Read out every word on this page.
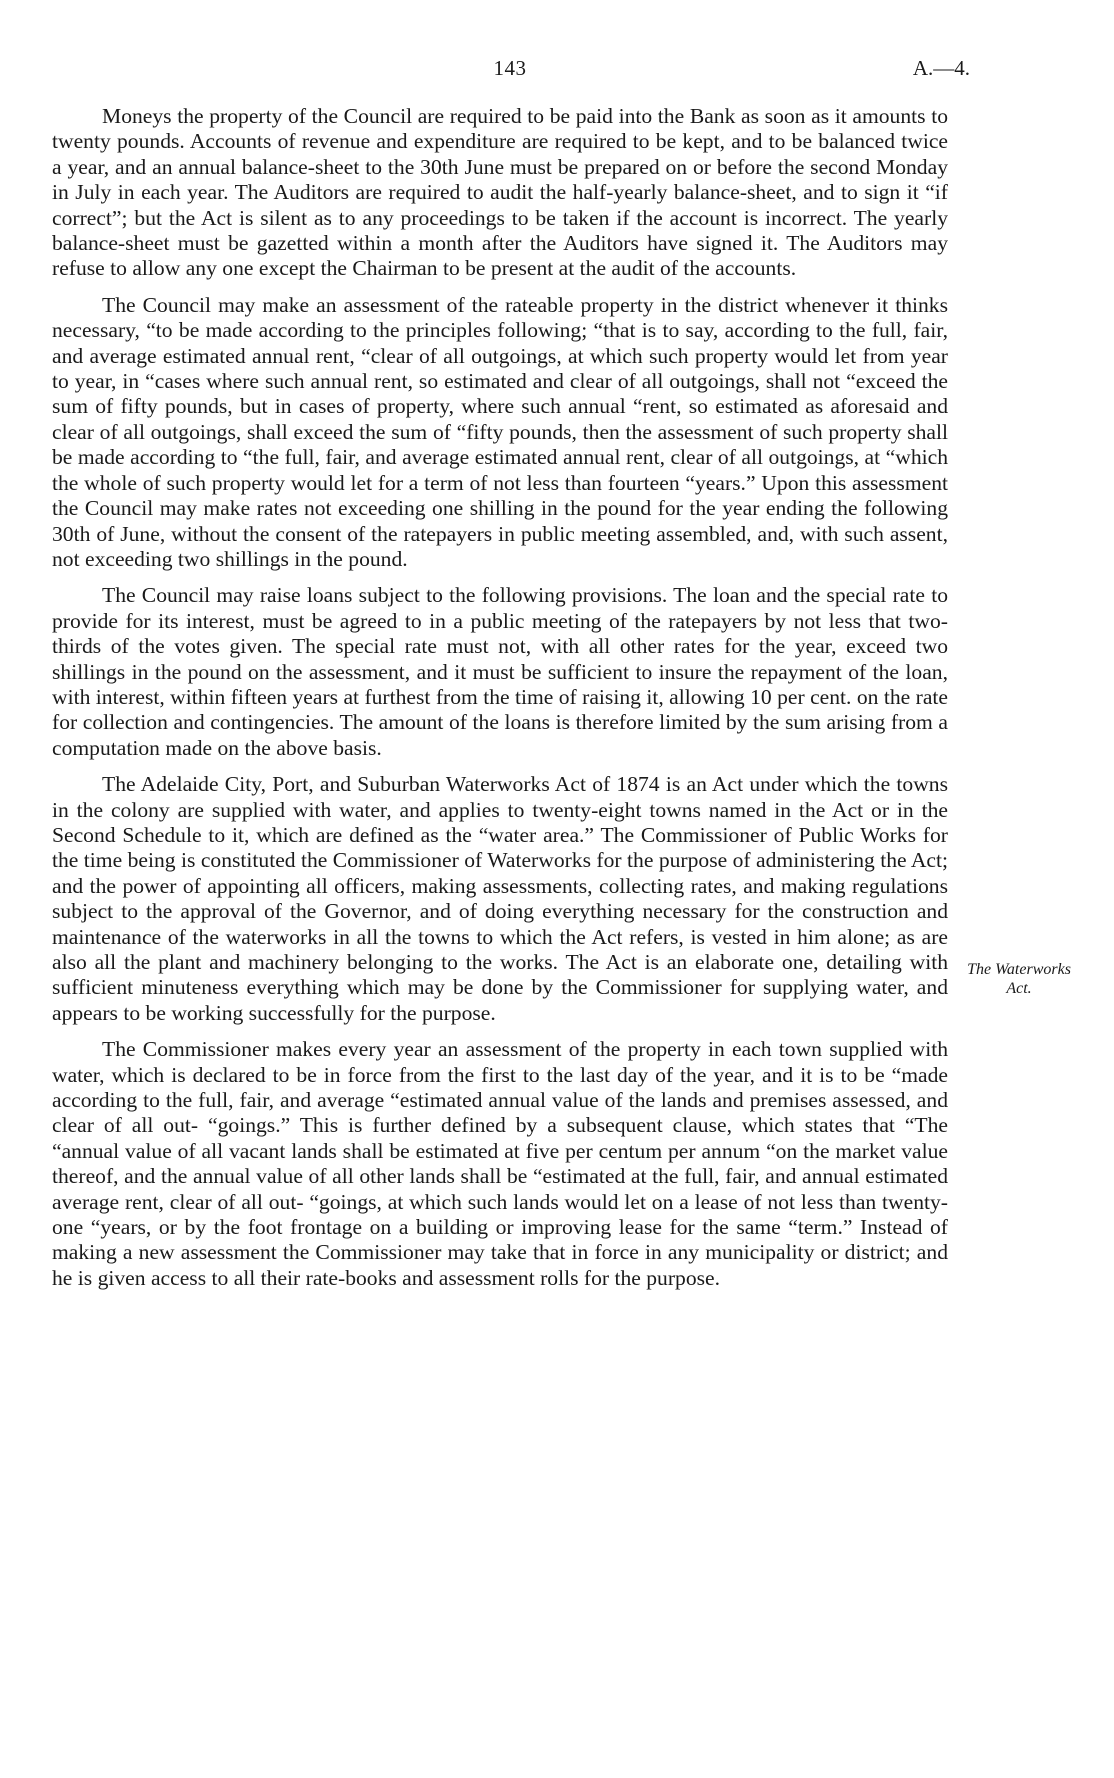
143	A.—4.

Moneys the property of the Council are required to be paid into the Bank as soon as it amounts to twenty pounds. Accounts of revenue and expenditure are required to be kept, and to be balanced twice a year, and an annual balance-sheet to the 30th June must be prepared on or before the second Monday in July in each year. The Auditors are required to audit the half-yearly balance-sheet, and to sign it “if correct”; but the Act is silent as to any proceedings to be taken if the account is incorrect. The yearly balance-sheet must be gazetted within a month after the Auditors have signed it. The Auditors may refuse to allow any one except the Chairman to be present at the audit of the accounts.

The Council may make an assessment of the rateable property in the district whenever it thinks necessary, “to be made according to the principles following; “that is to say, according to the full, fair, and average estimated annual rent, “clear of all outgoings, at which such property would let from year to year, in “cases where such annual rent, so estimated and clear of all outgoings, shall not “exceed the sum of fifty pounds, but in cases of property, where such annual “rent, so estimated as aforesaid and clear of all outgoings, shall exceed the sum of “fifty pounds, then the assessment of such property shall be made according to “the full, fair, and average estimated annual rent, clear of all outgoings, at “which the whole of such property would let for a term of not less than fourteen “years.” Upon this assessment the Council may make rates not exceeding one shilling in the pound for the year ending the following 30th of June, without the consent of the ratepayers in public meeting assembled, and, with such assent, not exceeding two shillings in the pound.

The Council may raise loans subject to the following provisions. The loan and the special rate to provide for its interest, must be agreed to in a public meeting of the ratepayers by not less that two-thirds of the votes given. The special rate must not, with all other rates for the year, exceed two shillings in the pound on the assessment, and it must be sufficient to insure the repayment of the loan, with interest, within fifteen years at furthest from the time of raising it, allowing 10 per cent. on the rate for collection and contingencies. The amount of the loans is therefore limited by the sum arising from a computation made on the above basis.

The Adelaide City, Port, and Suburban Waterworks Act of 1874 is an Act under which the towns in the colony are supplied with water, and applies to twenty-eight towns named in the Act or in the Second Schedule to it, which are defined as the “water area.” The Commissioner of Public Works for the time being is constituted the Commissioner of Waterworks for the purpose of administering the Act; and the power of appointing all officers, making assessments, collecting rates, and making regulations subject to the approval of the Governor, and of doing everything necessary for the construction and maintenance of the waterworks in all the towns to which the Act refers, is vested in him alone; as are also all the plant and machinery belonging to the works. The Act is an elaborate one, detailing with sufficient minuteness everything which may be done by the Commissioner for supplying water, and appears to be working successfully for the purpose.

The Commissioner makes every year an assessment of the property in each town supplied with water, which is declared to be in force from the first to the last day of the year, and it is to be “made according to the full, fair, and average “estimated annual value of the lands and premises assessed, and clear of all out- “goings.” This is further defined by a subsequent clause, which states that “The “annual value of all vacant lands shall be estimated at five per centum per annum “on the market value thereof, and the annual value of all other lands shall be “estimated at the full, fair, and annual estimated average rent, clear of all out- “goings, at which such lands would let on a lease of not less than twenty-one “years, or by the foot frontage on a building or improving lease for the same “term.” Instead of making a new assessment the Commissioner may take that in force in any municipality or district; and he is given access to all their rate-books and assessment rolls for the purpose.

The Waterworks Act.
